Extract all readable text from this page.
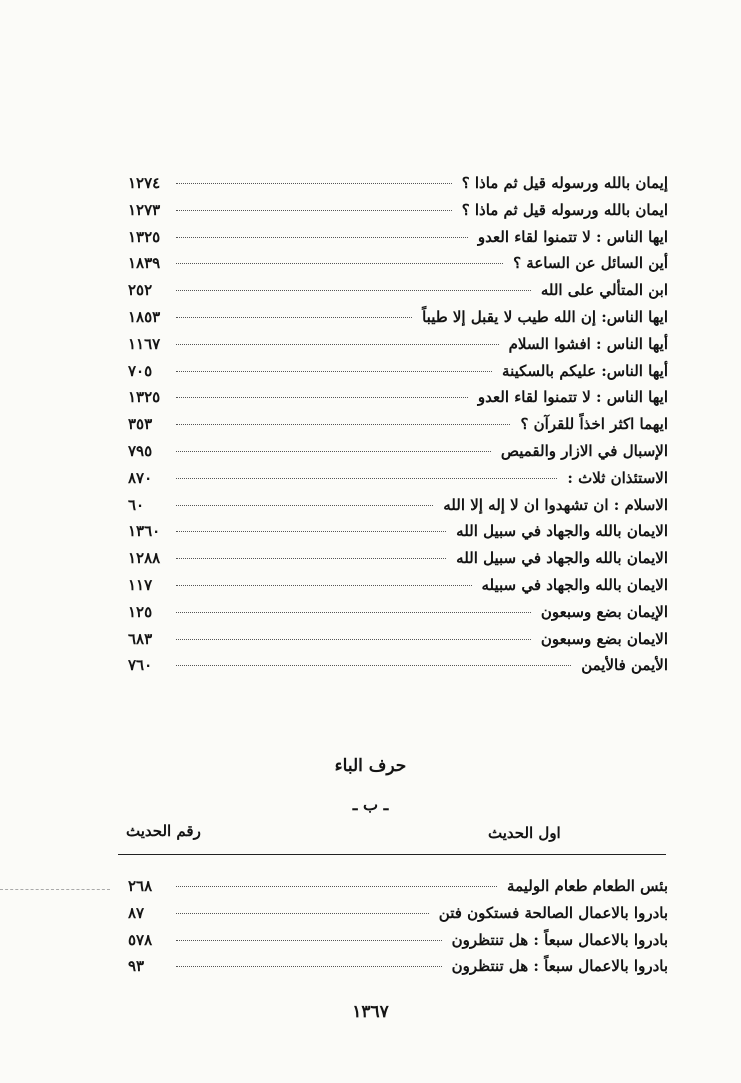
إيمان بالله ورسوله قيل ثم ماذا ؟
١٢٧٤
ايمان بالله ورسوله قيل ثم ماذا ؟
١٢٧٣
ايها الناس : لا تتمنوا لقاء العدو
١٣٢٥
أين السائل عن الساعة ؟
١٨٣٩
ابن المتألي على الله
٢٥٢
ايها الناس: إن الله طيب لا يقبل إلا طيباً
١٨٥٣
أيها الناس : افشوا السلام
١١٦٧
أيها الناس: عليكم بالسكينة
٧٠٥
ايها الناس : لا تتمنوا لقاء العدو
١٣٢٥
ايهما اكثر اخذاً للقرآن ؟
٣٥٣
الإسبال في الازار والقميص
٧٩٥
الاستئذان ثلاث :
٨٧٠
الاسلام : ان تشهدوا ان لا إله إلا الله
٦٠
الايمان بالله والجهاد في سبيل الله
١٣٦٠
الايمان بالله والجهاد في سبيل الله
١٢٨٨
الايمان بالله والجهاد في سبيله
١١٧
الإيمان بضع وسبعون
١٢٥
الايمان بضع وسبعون
٦٨٣
الأيمن فالأيمن
٧٦٠
حرف الباء
ـ ب ـ
اول الحديث
رقم الحديث
بئس الطعام طعام الوليمة
٢٦٨
بادروا بالاعمال الصالحة فستكون فتن
٨٧
بادروا بالاعمال سبعاً : هل تنتظرون
٥٧٨
بادروا بالاعمال سبعاً : هل تنتظرون
٩٣
١٣٦٧
